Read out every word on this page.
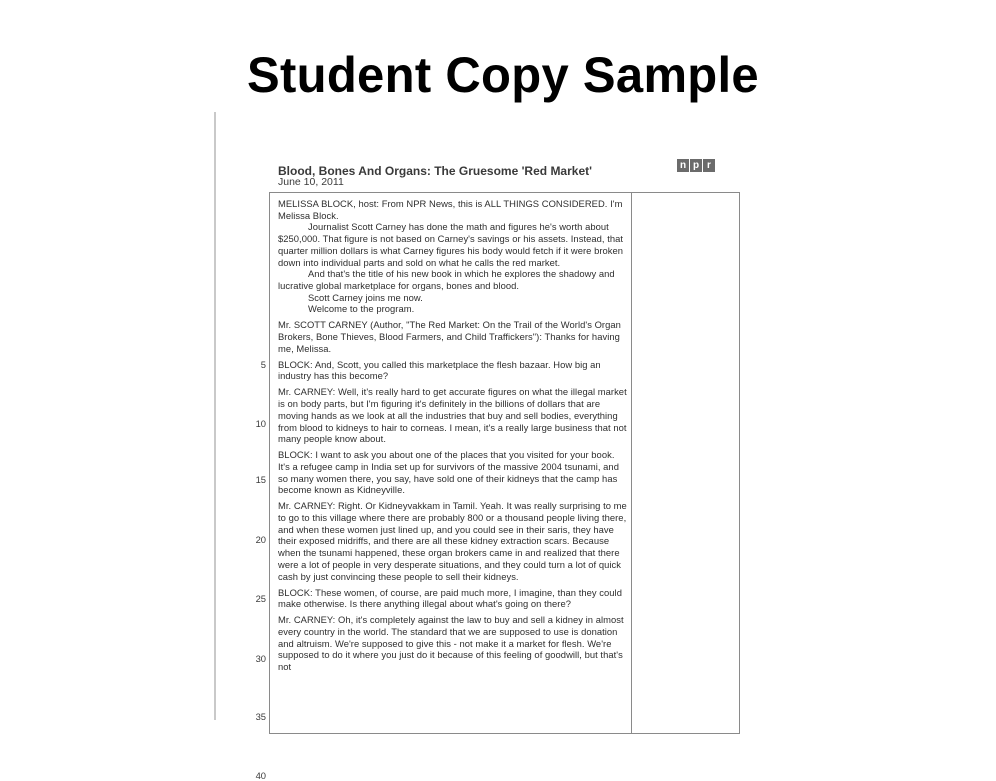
Student Copy Sample
Blood, Bones And Organs: The Gruesome 'Red Market'
June 10, 2011
n p r
5
10
15
20
25
30
35
40

MELISSA BLOCK, host: From NPR News, this is ALL THINGS CONSIDERED. I'm Melissa Block.

Journalist Scott Carney has done the math and figures he's worth about $250,000. That figure is not based on Carney's savings or his assets. Instead, that quarter million dollars is what Carney figures his body would fetch if it were broken down into individual parts and sold on what he calls the red market.

And that's the title of his new book in which he explores the shadowy and lucrative global marketplace for organs, bones and blood.

Scott Carney joins me now.

Welcome to the program.

Mr. SCOTT CARNEY (Author, "The Red Market: On the Trail of the World's Organ Brokers, Bone Thieves, Blood Farmers, and Child Traffickers"): Thanks for having me, Melissa.

BLOCK: And, Scott, you called this marketplace the flesh bazaar. How big an industry has this become?

Mr. CARNEY: Well, it's really hard to get accurate figures on what the illegal market is on body parts, but I'm figuring it's definitely in the billions of dollars that are moving hands as we look at all the industries that buy and sell bodies, everything from blood to kidneys to hair to corneas. I mean, it's a really large business that not many people know about.

BLOCK: I want to ask you about one of the places that you visited for your book. It's a refugee camp in India set up for survivors of the massive 2004 tsunami, and so many women there, you say, have sold one of their kidneys that the camp has become known as Kidneyville.

Mr. CARNEY: Right. Or Kidneyvakkam in Tamil. Yeah. It was really surprising to me to go to this village where there are probably 800 or a thousand people living there, and when these women just lined up, and you could see in their saris, they have their exposed midriffs, and there are all these kidney extraction scars. Because when the tsunami happened, these organ brokers came in and realized that there were a lot of people in very desperate situations, and they could turn a lot of quick cash by just convincing these people to sell their kidneys.

BLOCK: These women, of course, are paid much more, I imagine, than they could make otherwise. Is there anything illegal about what's going on there?

Mr. CARNEY: Oh, it's completely against the law to buy and sell a kidney in almost every country in the world. The standard that we are supposed to use is donation and altruism. We're supposed to give this - not make it a market for flesh. We're supposed to do it where you just do it because of this feeling of goodwill, but that's not
